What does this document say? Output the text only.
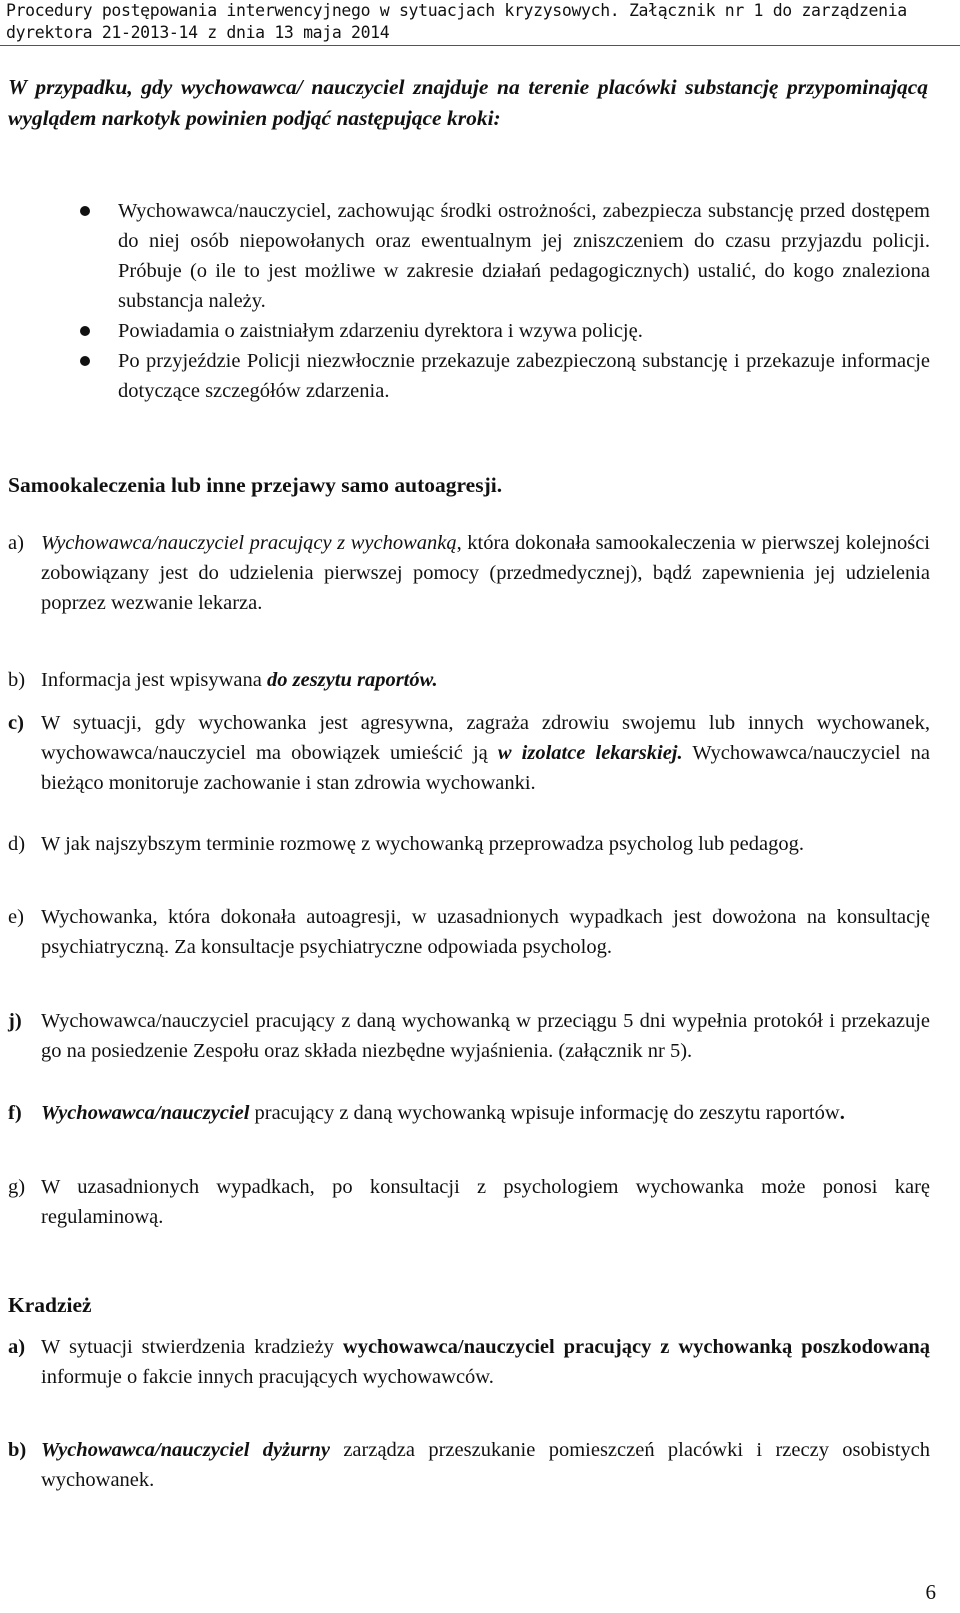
Procedury postępowania interwencyjnego w sytuacjach kryzysowych. Załącznik nr 1 do zarządzenia
dyrektora 21-2013-14 z dnia 13 maja 2014
W przypadku, gdy wychowawca/ nauczyciel znajduje na terenie placówki substancję przypominającą wyglądem narkotyk powinien podjąć następujące kroki:
Wychowawca/nauczyciel, zachowując środki ostrożności, zabezpiecza substancję przed dostępem do niej osób niepowołanych oraz ewentualnym jej zniszczeniem do czasu przyjazdu policji. Próbuje (o ile to jest możliwe w zakresie działań pedagogicznych) ustalić, do kogo znaleziona substancja należy.
Powiadamia o zaistniałym zdarzeniu dyrektora i wzywa policję.
Po przyjeździe Policji niezwłocznie przekazuje zabezpieczoną substancję i przekazuje informacje dotyczące szczegółów zdarzenia.
Samookaleczenia lub inne przejawy samo autoagresji.
a) Wychowawca/nauczyciel pracujący z wychowanką, która dokonała samookaleczenia w pierwszej kolejności zobowiązany jest do udzielenia pierwszej pomocy (przedmedycznej), bądź zapewnienia jej udzielenia poprzez wezwanie lekarza.
b) Informacja jest wpisywana do zeszytu raportów.
c) W sytuacji, gdy wychowanka jest agresywna, zagraża zdrowiu swojemu lub innych wychowanek, wychowawca/nauczyciel ma obowiązek umieścić ją w izolatce lekarskiej. Wychowawca/nauczyciel na bieżąco monitoruje zachowanie i stan zdrowia wychowanki.
d) W jak najszybszym terminie rozmowę z wychowanką przeprowadza psycholog lub pedagog.
e) Wychowanka, która dokonała autoagresji, w uzasadnionych wypadkach jest dowożona na konsultację psychiatryczną. Za konsultacje psychiatryczne odpowiada psycholog.
j) Wychowawca/nauczyciel pracujący z daną wychowanką w przeciągu 5 dni wypełnia protokół i przekazuje go na posiedzenie Zespołu oraz składa niezbędne wyjaśnienia. (załącznik nr 5).
f) Wychowawca/nauczyciel pracujący z daną wychowanką wpisuje informację do zeszytu raportów.
g) W uzasadnionych wypadkach, po konsultacji z psychologiem wychowanka może ponosi karę regulaminową.
Kradzież
a) W sytuacji stwierdzenia kradzieży wychowawca/nauczyciel pracujący z wychowanką poszkodowaną informuje o fakcie innych pracujących wychowawców.
b) Wychowawca/nauczyciel dyżurny zarządza przeszukanie pomieszczeń placówki i rzeczy osobistych wychowanek.
6
